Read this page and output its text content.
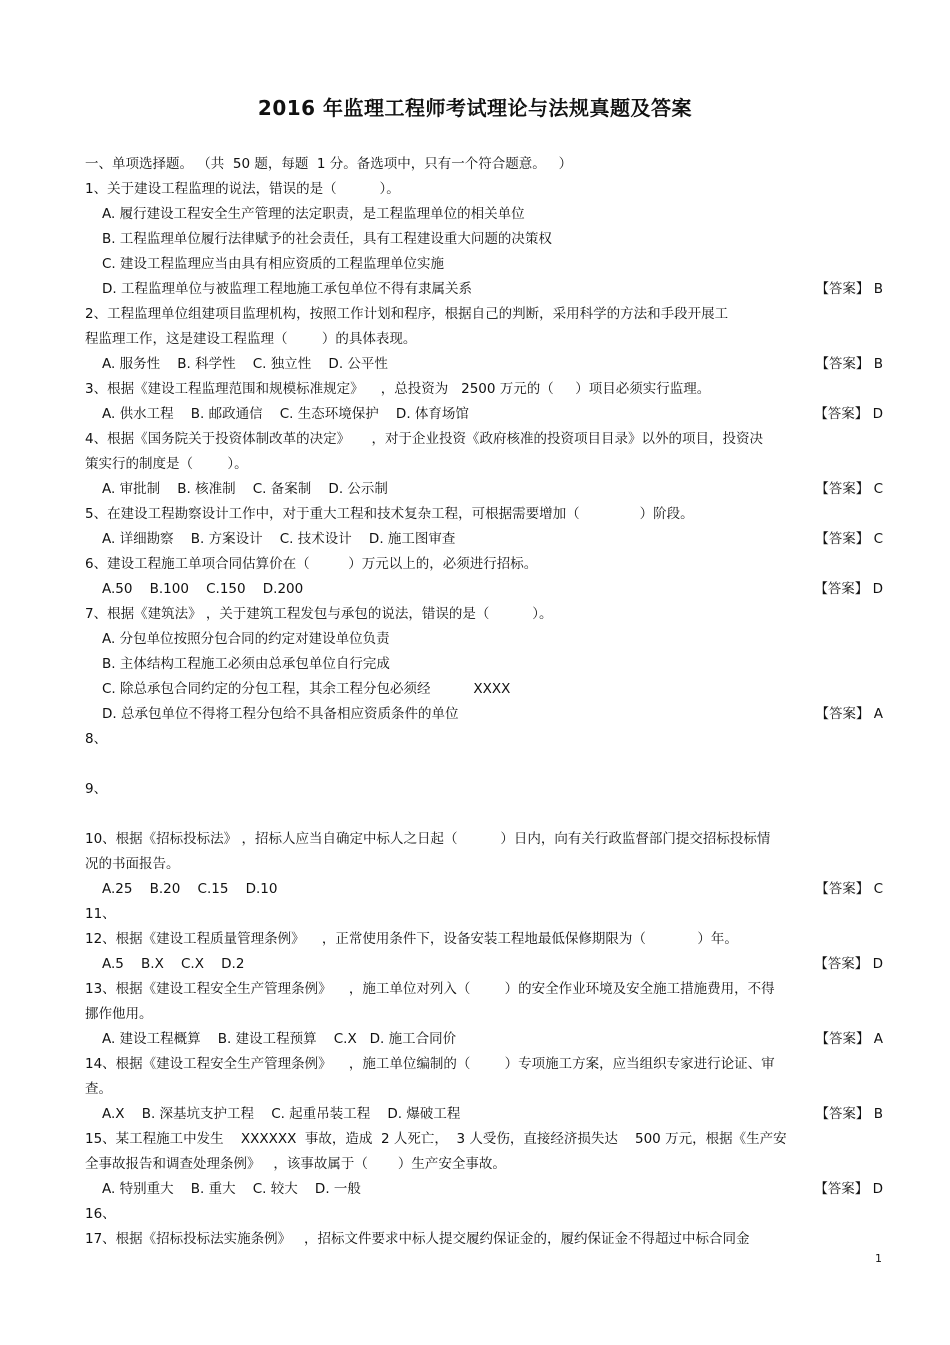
2016 年监理工程师考试理论与法规真题及答案
一、单项选择题。 （共  50 题，每题  1 分。备选项中，只有一个符合题意。   ）
1、关于建设工程监理的说法，错误的是（          ）。
A. 履行建设工程安全生产管理的法定职责，是工程监理单位的相关单位
B. 工程监理单位履行法律赋予的社会责任，具有工程建设重大问题的决策权
C. 建设工程监理应当由具有相应资质的工程监理单位实施
D. 工程监理单位与被监理工程地施工承包单位不得有隶属关系	【答案】 B
2、工程监理单位组建项目监理机构，按照工作计划和程序，根据自己的判断，采用科学的方法和手段开展工
程监理工作，这是建设工程监理（        ）的具体表现。
A. 服务性    B. 科学性    C. 独立性    D. 公平性	【答案】 B
3、根据《建设工程监理范围和规模标准规定》    ，总投资为   2500 万元的（     ）项目必须实行监理。
A. 供水工程    B. 邮政通信    C. 生态环境保护    D. 体育场馆	【答案】 D
4、根据《国务院关于投资体制改革的决定》     ，对于企业投资《政府核准的投资项目目录》以外的项目，投资决
策实行的制度是（        ）。
A. 审批制    B. 核准制    C. 备案制    D. 公示制	【答案】 C
5、在建设工程勘察设计工作中，对于重大工程和技术复杂工程，可根据需要增加（              ）阶段。
A. 详细勘察    B. 方案设计    C. 技术设计    D. 施工图审查	【答案】 C
6、建设工程施工单项合同估算价在（         ）万元以上的，必须进行招标。
A.50    B.100    C.150    D.200	【答案】 D
7、根据《建筑法》 ，关于建筑工程发包与承包的说法，错误的是（          ）。
A. 分包单位按照分包合同的约定对建设单位负责
B. 主体结构工程施工必须由总承包单位自行完成
C. 除总承包合同约定的分包工程，其余工程分包必须经          XXXX
D. 总承包单位不得将工程分包给不具备相应资质条件的单位	【答案】 A
8、
9、
10、根据《招标投标法》 ，招标人应当自确定中标人之日起（          ）日内，向有关行政监督部门提交招标投标情
况的书面报告。
A.25    B.20    C.15    D.10	【答案】 C
11、
12、根据《建设工程质量管理条例》    ，正常使用条件下，设备安装工程地最低保修期限为（            ）年。
A.5    B.X    C.X    D.2	【答案】 D
13、根据《建设工程安全生产管理条例》    ，施工单位对列入（        ）的安全作业环境及安全施工措施费用，不得
挪作他用。
A. 建设工程概算    B. 建设工程预算    C.X   D. 施工合同价	【答案】 A
14、根据《建设工程安全生产管理条例》    ，施工单位编制的（        ）专项施工方案，应当组织专家进行论证、审
查。
A.X    B. 深基坑支护工程    C. 起重吊装工程    D. 爆破工程	【答案】 B
15、某工程施工中发生    XXXXXX  事故，造成  2 人死亡，  3 人受伤，直接经济损失达    500 万元，根据《生产安
全事故报告和调查处理条例》   ，该事故属于（       ）生产安全事故。
A. 特别重大    B. 重大    C. 较大    D. 一般	【答案】 D
16、
17、根据《招标投标法实施条例》   ，招标文件要求中标人提交履约保证金的，履约保证金不得超过中标合同金
1
